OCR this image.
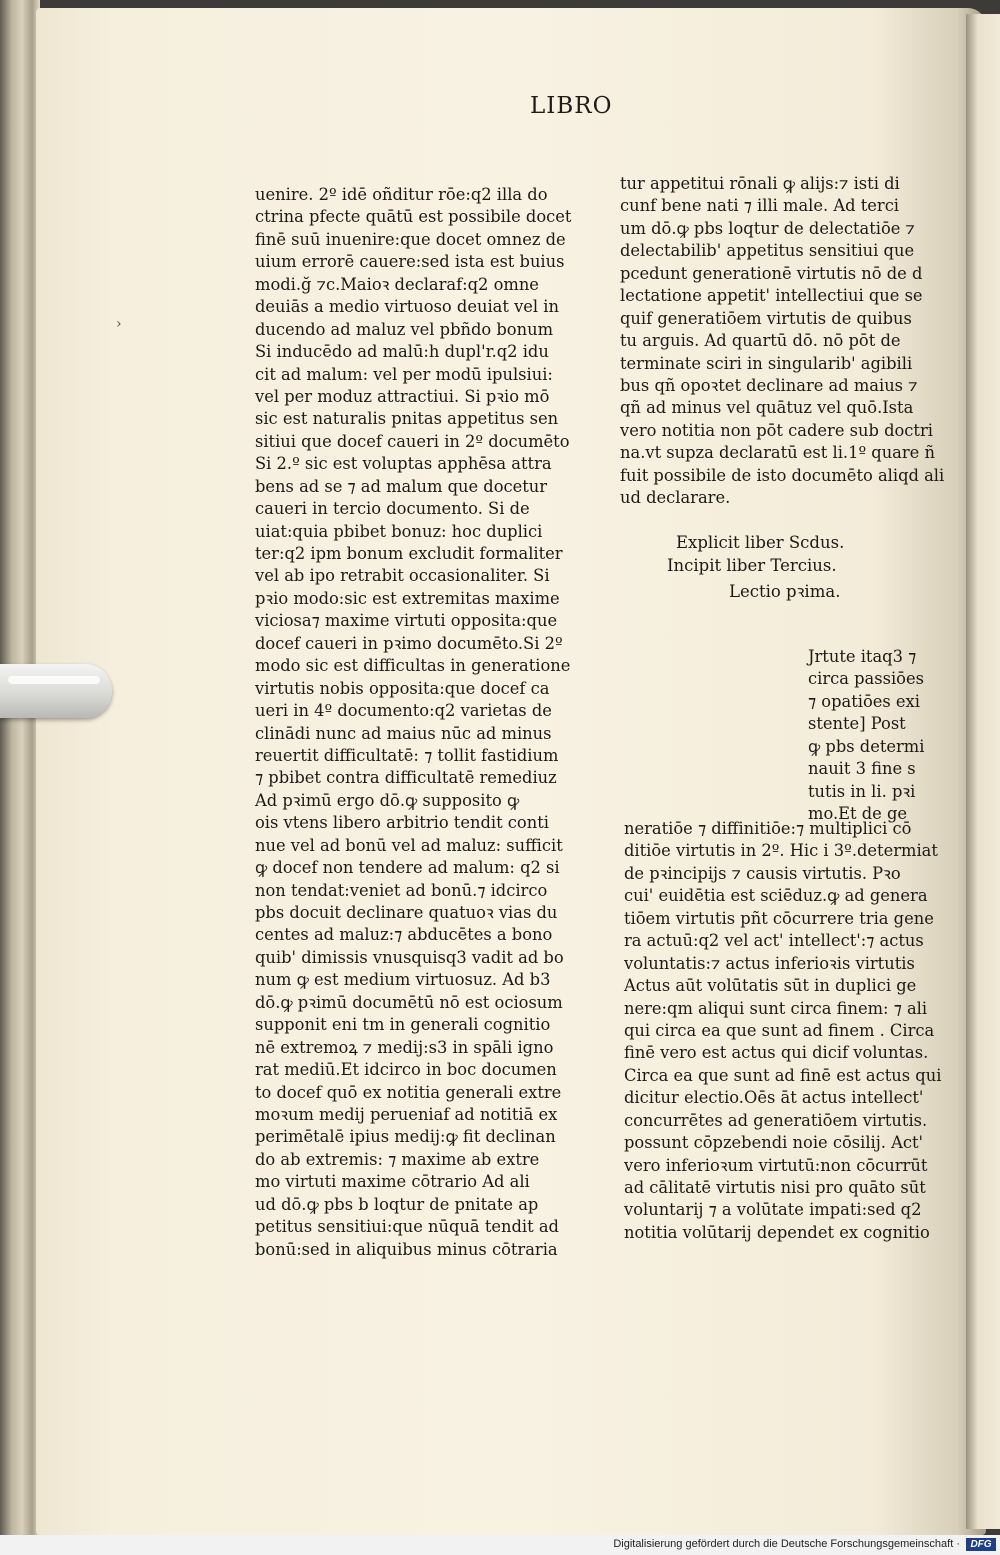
LIBRO
uenire. 2º idē oñditur rōe:q2 illa do
ctrina pfecte quātū est possibile docet
finē suū inuenire:que docet omnez de
uium errorē cauere:sed ista est buius
modi.ğ ⁊c.Maioꝛ declaraf:q2 omne
deuiās a medio virtuoso deuiat vel in
ducendo ad maluz vel pbñdo bonum
Si inducēdo ad malū:h dupl'r.q2 idu
cit ad malum: vel per modū ipulsiui:
vel per moduz attractiui. Si pꝛio mō
sic est naturalis pnitas appetitus sen
sitiui que docef caueri in 2º documēto
Si 2.º sic est voluptas apphēsa attra
bens ad se ⁊ ad malum que docetur
caueri in tercio documento. Si de
uiat:quia pbibet bonuz: hoc duplici
ter:q2 ipm bonum excludit formaliter
vel ab ipo retrabit occasionaliter. Si
pꝛio modo:sic est extremitas maxime
viciosa⁊ maxime virtuti opposita:que
docef caueri in pꝛimo documēto.Si 2º
modo sic est difficultas in generatione
virtutis nobis opposita:que docef ca
ueri in 4º documento:q2 varietas de
clinādi nunc ad maius nūc ad minus
reuertit difficultatē: ⁊ tollit fastidium
⁊ pbibet contra difficultatē remediuz
Ad pꝛimū ergo dō.ꝙ supposito ꝙ
ois vtens libero arbitrio tendit conti
nue vel ad bonū vel ad maluz: sufficit
ꝙ docef non tendere ad malum: q2 si
non tendat:veniet ad bonū.⁊ idcirco
pbs docuit declinare quatuoꝛ vias du
centes ad maluz:⁊ abducētes a bono
quib' dimissis vnusquisq3 vadit ad bo
num ꝙ est medium virtuosuz. Ad b3
dō.ꝙ pꝛimū documētū nō est ociosum
supponit eni tm in generali cognitio
nē extremoꝝ ⁊ medij:s3 in spāli igno
rat mediū.Et idcirco in boc documen
to docef quō ex notitia generali extre
moꝛum medij perueniaf ad notitiā ex
perimētalē ipius medij:ꝙ fit declinan
do ab extremis: ⁊ maxime ab extre
mo virtuti maxime cōtrario Ad ali
ud dō.ꝙ pbs b loqtur de pnitate ap
petitus sensitiui:que nūquā tendit ad
bonū:sed in aliquibus minus cōtraria
tur appetitui rōnali ꝙ alijs:⁊ isti di
cunf bene nati ⁊ illi male. Ad terci
um dō.ꝙ pbs loqtur de delectatiōe ⁊
delectabilib' appetitus sensitiui que
pcedunt generationē virtutis nō de d
lectatione appetit' intellectiui que se
quif generatiōem virtutis de quibus
tu arguis. Ad quartū dō. nō pōt de
terminate sciri in singularib' agibili
bus qñ opoꝛtet declinare ad maius ⁊
qñ ad minus vel quātuz vel quō.Ista
vero notitia non pōt cadere sub doctri
na.vt supza declaratū est li.1º quare ñ
fuit possibile de isto documēto aliqd ali
ud declarare.
Explicit liber Scdus.
Incipit liber Tercius.
Lectio pꝛima.
Jrtute itaq3 ⁊
circa passiōes
⁊ opatiōes exi
stente] Post
ꝙ pbs determi
nauit 3 fine s
tutis in li. pꝛi
mo.Et de ge
neratiōe ⁊ diffinitiōe:⁊ multiplici cō
ditiōe virtutis in 2º. Hic i 3º.determiat
de pꝛincipijs ⁊ causis virtutis. Pꝛo
cui' euidētia est sciēduz.ꝙ ad genera
tiōem virtutis pñt cōcurrere tria gene
ra actuū:q2 vel act' intellect':⁊ actus
voluntatis:⁊ actus inferioꝛis virtutis
Actus aūt volūtatis sūt in duplici ge
nere:qm aliqui sunt circa finem: ⁊ ali
qui circa ea que sunt ad finem . Circa
finē vero est actus qui dicif voluntas.
Circa ea que sunt ad finē est actus qui
dicitur electio.Oēs āt actus intellect'
concurrētes ad generatiōem virtutis.
possunt cōpzebendi noie cōsilij. Act'
vero inferioꝛum virtutū:non cōcurrūt
ad cālitatē virtutis nisi pro quāto sūt
voluntarij ⁊ a volūtate impati:sed q2
notitia volūtarij dependet ex cognitio
›
Digitalisierung gefördert durch die Deutsche Forschungsgemeinschaft ·	DFG
